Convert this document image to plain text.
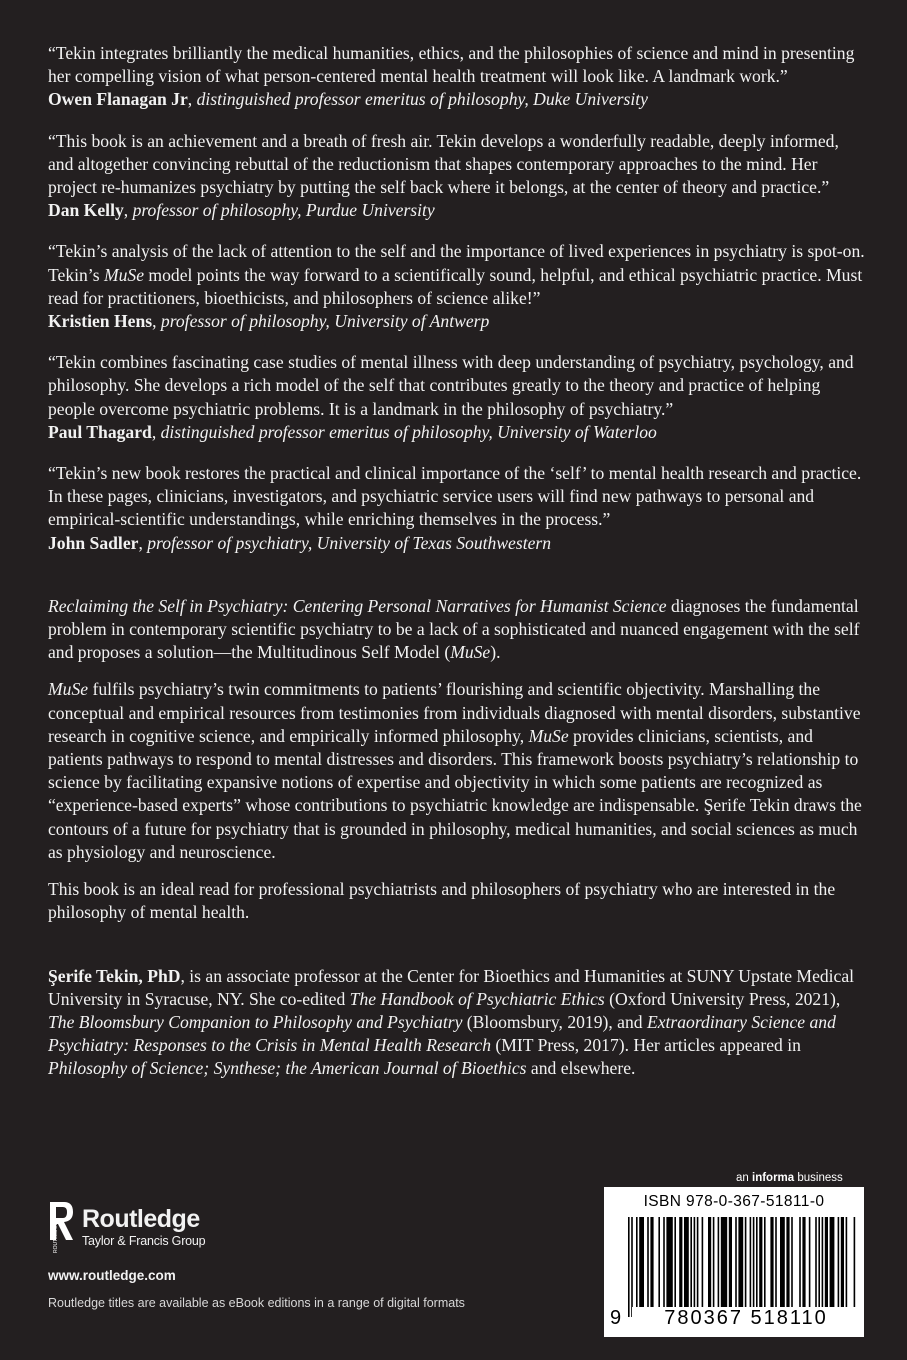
“Tekin integrates brilliantly the medical humanities, ethics, and the philosophies of science and mind in presenting her compelling vision of what person-centered mental health treatment will look like. A landmark work.”

Owen Flanagan Jr, distinguished professor emeritus of philosophy, Duke University

“This book is an achievement and a breath of fresh air. Tekin develops a wonderfully readable, deeply informed, and altogether convincing rebuttal of the reductionism that shapes contemporary approaches to the mind. Her project re-humanizes psychiatry by putting the self back where it belongs, at the center of theory and practice.”

Dan Kelly, professor of philosophy, Purdue University

“Tekin’s analysis of the lack of attention to the self and the importance of lived experiences in psychiatry is spot-on. Tekin’s MuSe model points the way forward to a scientifically sound, helpful, and ethical psychiatric practice. Must read for practitioners, bioethicists, and philosophers of science alike!”

Kristien Hens, professor of philosophy, University of Antwerp

“Tekin combines fascinating case studies of mental illness with deep understanding of psychiatry, psychology, and philosophy. She develops a rich model of the self that contributes greatly to the theory and practice of helping people overcome psychiatric problems. It is a landmark in the philosophy of psychiatry.”

Paul Thagard, distinguished professor emeritus of philosophy, University of Waterloo

“Tekin’s new book restores the practical and clinical importance of the ‘self’ to mental health research and practice. In these pages, clinicians, investigators, and psychiatric service users will find new pathways to personal and empirical-scientific understandings, while enriching themselves in the process.”

John Sadler, professor of psychiatry, University of Texas Southwestern

Reclaiming the Self in Psychiatry: Centering Personal Narratives for Humanist Science diagnoses the fundamental problem in contemporary scientific psychiatry to be a lack of a sophisticated and nuanced engagement with the self and proposes a solution—the Multitudinous Self Model (MuSe).

MuSe fulfils psychiatry’s twin commitments to patients’ flourishing and scientific objectivity. Marshalling the conceptual and empirical resources from testimonies from individuals diagnosed with mental disorders, substantive research in cognitive science, and empirically informed philosophy, MuSe provides clinicians, scientists, and patients pathways to respond to mental distresses and disorders. This framework boosts psychiatry’s relationship to science by facilitating expansive notions of expertise and objectivity in which some patients are recognized as “experience-based experts” whose contributions to psychiatric knowledge are indispensable. Şerife Tekin draws the contours of a future for psychiatry that is grounded in philosophy, medical humanities, and social sciences as much as physiology and neuroscience.

This book is an ideal read for professional psychiatrists and philosophers of psychiatry who are interested in the philosophy of mental health.

Şerife Tekin, PhD, is an associate professor at the Center for Bioethics and Humanities at SUNY Upstate Medical University in Syracuse, NY. She co-edited The Handbook of Psychiatric Ethics (Oxford University Press, 2021), The Bloomsbury Companion to Philosophy and Psychiatry (Bloomsbury, 2019), and Extraordinary Science and Psychiatry: Responses to the Crisis in Mental Health Research (MIT Press, 2017). Her articles appeared in Philosophy of Science; Synthese; the American Journal of Bioethics and elsewhere.

ROUTLEDGE
Routledge
Taylor & Francis Group
www.routledge.com
Routledge titles are available as eBook editions in a range of digital formats
an informa business
ISBN 978-0-367-51811-0
9	780367 518110
